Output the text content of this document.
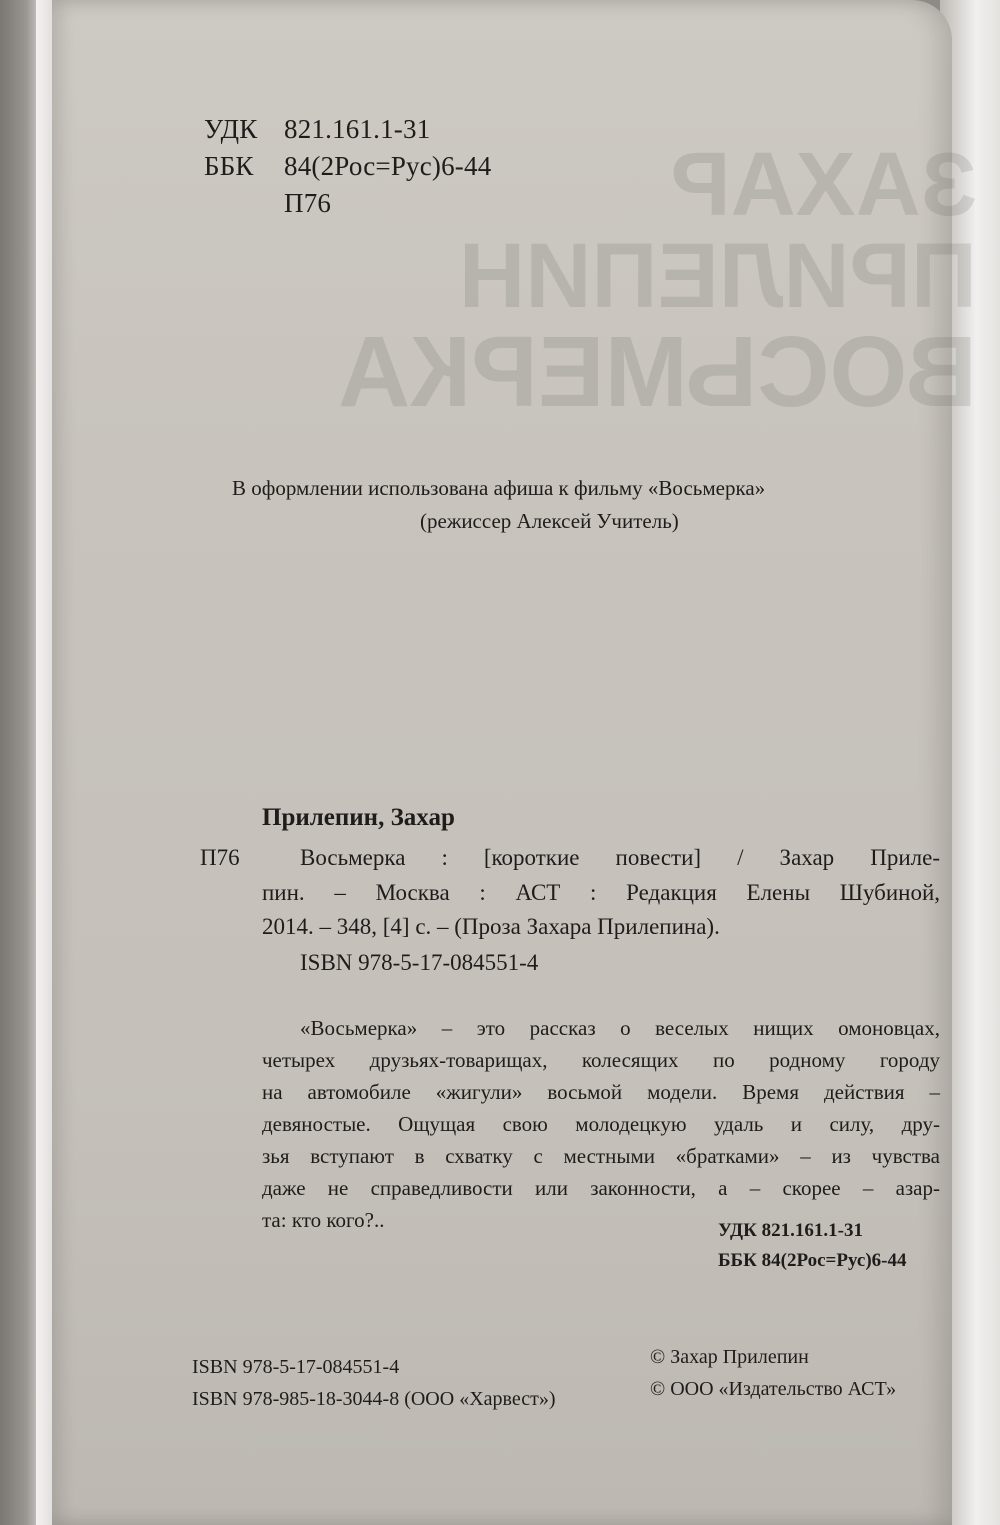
ЗАХАР
ПРИЛЕПИН
ВОСЬМЕРКА
УДК 821.161.1-31
ББК 84(2Рос=Рус)6-44
П76
В оформлении использована афиша к фильму «Восьмерка»
(режиссер Алексей Учитель)
Прилепин, Захар
П76	Восьмерка : [короткие повести] / Захар Приле-
пин. – Москва : АСТ : Редакция Елены Шубиной,
2014. – 348, [4] с. – (Проза Захара Прилепина).
ISBN 978-5-17-084551-4
«Восьмерка» – это рассказ о веселых нищих омоновцах,
четырех друзьях-товарищах, колесящих по родному городу
на автомобиле «жигули» восьмой модели. Время действия –
девяностые. Ощущая свою молодецкую удаль и силу, дру-
зья вступают в схватку с местными «братками» – из чувства
даже не справедливости или законности, а – скорее – азар-
та: кто кого?..	УДК 821.161.1-31
ББК 84(2Рос=Рус)6-44
ISBN 978-5-17-084551-4
ISBN 978-985-18-3044-8 (ООО «Харвест»)
© Захар Прилепин
© ООО «Издательство АСТ»
